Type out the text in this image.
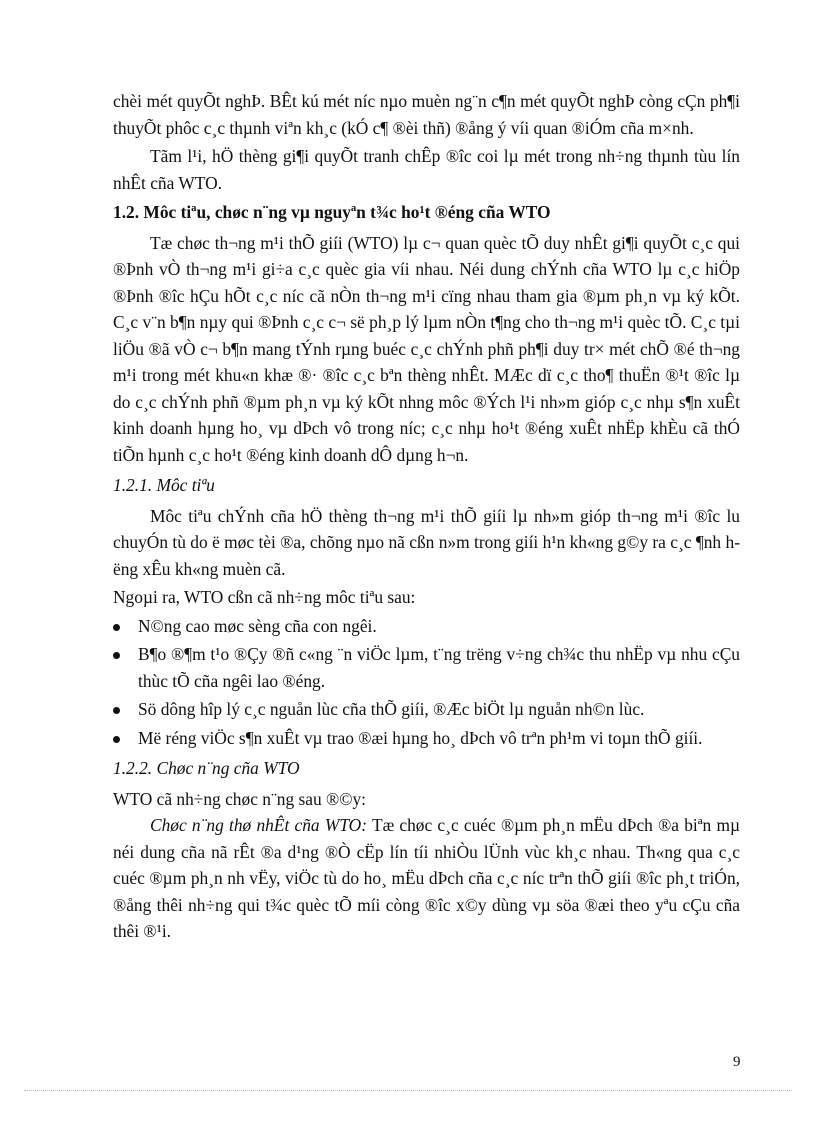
chèi mét quyÕt nghÞ. BÊt kú mét níc nµo muèn ng¨n c¶n mét quyÕt nghÞ còng cÇn ph¶i thuyÕt phôc c¸c thµnh viªn kh¸c (kÓ c¶ ®èi thñ) ®ång ý víi quan ®iÓm cña m×nh.

Tãm l¹i, hÖ thèng gi¶i quyÕt tranh chÊp ®îc coi lµ mét trong nh÷ng thµnh tùu lín nhÊt cña WTO.

1.2. Môc tiªu, chøc n¨ng vµ nguyªn t¾c ho¹t ®éng cña WTO

Tæ chøc th¬ng m¹i thÕ giíi (WTO) lµ c¬ quan quèc tÕ duy nhÊt gi¶i quyÕt c¸c qui ®Þnh vÒ th¬ng m¹i gi÷a c¸c quèc gia víi nhau. Néi dung chÝnh cña WTO lµ c¸c hiÖp ®Þnh ®îc hÇu hÕt c¸c níc cã nÒn th¬ng m¹i cïng nhau tham gia ®µm ph¸n vµ ký kÕt. C¸c v¨n b¶n nµy qui ®Þnh c¸c c¬ së ph¸p lý lµm nÒn t¶ng cho th¬ng m¹i quèc tÕ. C¸c tµi liÖu ®ã vÒ c¬ b¶n mang tÝnh rµng buéc c¸c chÝnh phñ ph¶i duy tr× mét chÕ ®é th¬ng m¹i trong mét khu«n khæ ®· ®îc c¸c bªn thèng nhÊt. MÆc dï c¸c tho¶ thuËn ®¹t ®îc lµ do c¸c chÝnh phñ ®µm ph¸n vµ ký kÕt nhng môc ®Ých l¹i nh»m gióp c¸c nhµ s¶n xuÊt kinh doanh hµng ho¸ vµ dÞch vô trong níc; c¸c nhµ ho¹t ®éng xuÊt nhËp khÈu cã thÓ tiÕn hµnh c¸c ho¹t ®éng kinh doanh dÔ dµng h¬n.

1.2.1. Môc tiªu

Môc tiªu chÝnh cña hÖ thèng th¬ng m¹i thÕ giíi lµ nh»m gióp th¬ng m¹i ®îc lu chuyÓn tù do ë møc tèi ®a, chõng nµo nã cßn n»m trong giíi h¹n kh«ng g©y ra c¸c ¶nh hëng xÊu kh«ng muèn cã.

Ngoµi ra, WTO cßn cã nh÷ng môc tiªu sau:

N©ng cao møc sèng cña con ngêi.
B¶o ®¶m t¹o ®Çy ®ñ c«ng ¨n viÖc lµm, t¨ng trëng v÷ng ch¾c thu nhËp vµ nhu cÇu thùc tÕ cña ngêi lao ®éng.
Sö dông hîp lý c¸c nguån lùc cña thÕ giíi, ®Æc biÖt lµ nguån nh©n lùc.
Më réng viÖc s¶n xuÊt vµ trao ®æi hµng ho¸ dÞch vô trªn ph¹m vi toµn thÕ giíi.

1.2.2. Chøc n¨ng cña WTO

WTO cã nh÷ng chøc n¨ng sau ®©y:

Chøc n¨ng thø nhÊt cña WTO: Tæ chøc c¸c cuéc ®µm ph¸n mËu dÞch ®a biªn mµ néi dung cña nã rÊt ®a d¹ng ®Ò cËp lín tíi nhiÒu lÜnh vùc kh¸c nhau. Th«ng qua c¸c cuéc ®µm ph¸n nh vËy, viÖc tù do ho¸ mËu dÞch cña c¸c níc trªn thÕ giíi ®îc ph¸t triÓn, ®ång thêi nh÷ng qui t¾c quèc tÕ míi còng ®îc x©y dùng vµ söa ®æi theo yªu cÇu cña thêi ®¹i.

9
